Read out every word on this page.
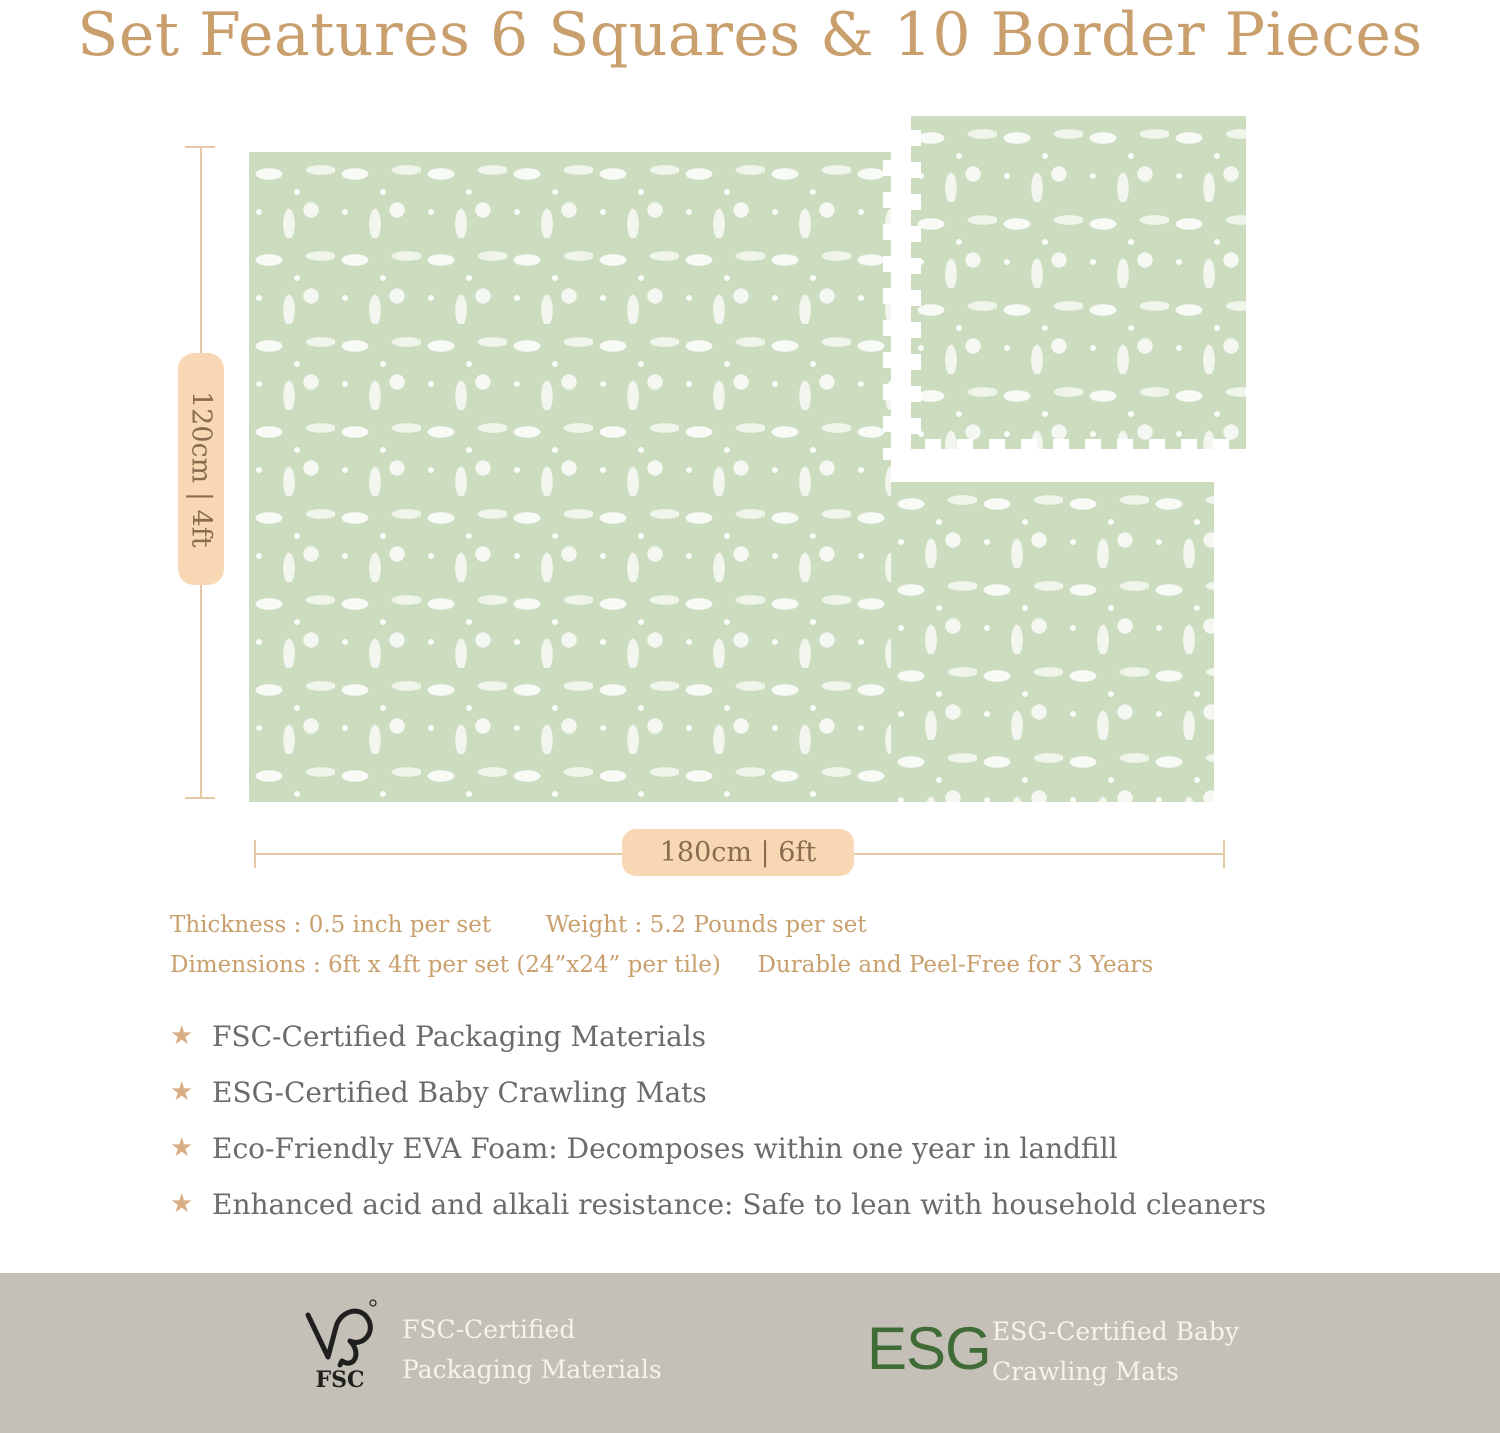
Set Features 6 Squares & 10 Border Pieces
120cm | 4ft
180cm | 6ft
Thickness : 0.5 inch per set Weight : 5.2 Pounds per set
Dimensions : 6ft x 4ft per set (24”x24” per tile) Durable and Peel-Free for 3 Years
★ FSC-Certified Packaging Materials
★ ESG-Certified Baby Crawling Mats
★ Eco-Friendly EVA Foam: Decomposes within one year in landfill
★ Enhanced acid and alkali resistance: Safe to lean with household cleaners
FSC
FSC-Certified
Packaging Materials	ESG ESG-Certified Baby
Crawling Mats
